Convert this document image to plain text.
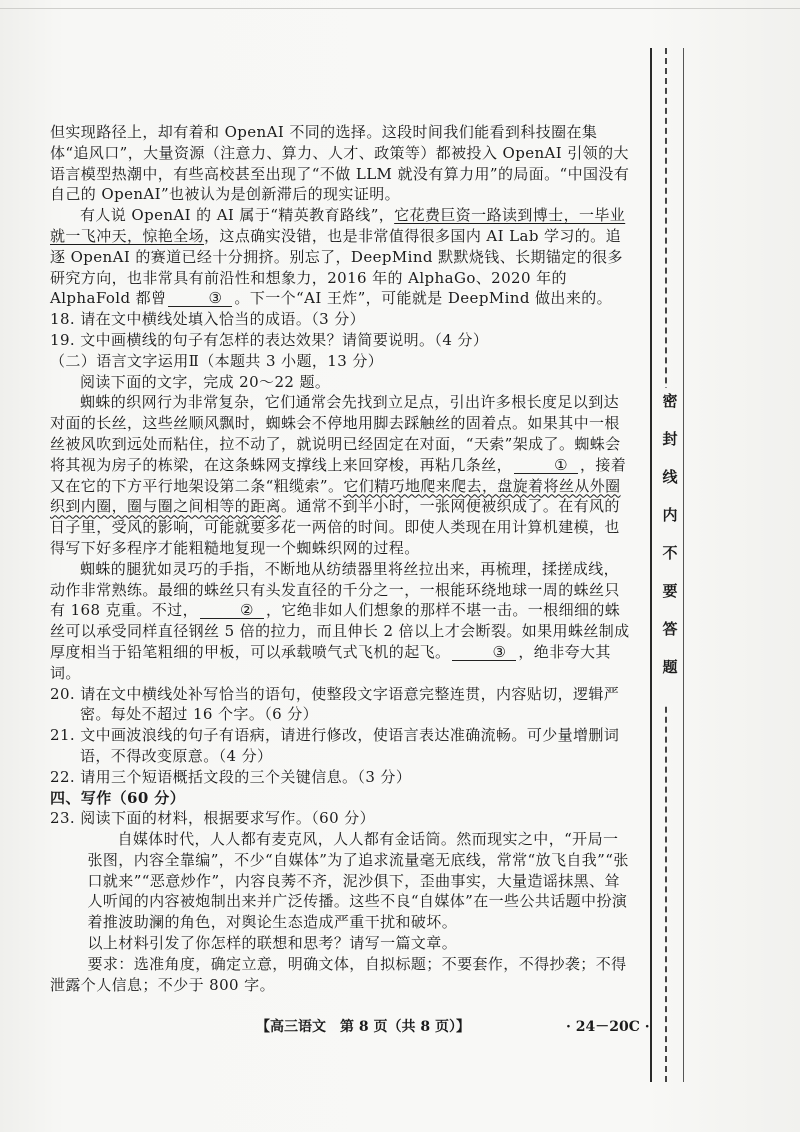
密
封
线
内
不
要
答
题

但实现路径上，却有着和 OpenAI 不同的选择。这段时间我们能看到科技圈在集体“追风口”，大量资源（注意力、算力、人才、政策等）都被投入 OpenAI 引领的大语言模型热潮中，有些高校甚至出现了“不做 LLM 就没有算力用”的局面。“中国没有自己的 OpenAI”也被认为是创新滞后的现实证明。

有人说 OpenAI 的 AI 属于“精英教育路线”，它花费巨资一路读到博士，一毕业就一飞冲天，惊艳全场，这点确实没错，也是非常值得很多国内 AI Lab 学习的。追逐 OpenAI 的赛道已经十分拥挤。别忘了，DeepMind 默默烧钱、长期锚定的很多研究方向，也非常具有前沿性和想象力，2016 年的 AlphaGo、2020 年的 AlphaFold 都曾	③ 。下一个“AI 王炸”，可能就是 DeepMind 做出来的。

18. 请在文中横线处填入恰当的成语。（3 分）

19. 文中画横线的句子有怎样的表达效果？请简要说明。（4 分）

（二）语言文字运用Ⅱ（本题共 3 小题，13 分）

阅读下面的文字，完成 20～22 题。

蜘蛛的织网行为非常复杂，它们通常会先找到立足点，引出许多根长度足以到达对面的长丝，这些丝顺风飘时，蜘蛛会不停地用脚去踩触丝的固着点。如果其中一根丝被风吹到远处而粘住，拉不动了，就说明已经固定在对面，“天索”架成了。蜘蛛会将其视为房子的栋梁，在这条蛛网支撑线上来回穿梭，再粘几条丝，	① ，接着又在它的下方平行地架设第二条“粗缆索”。它们精巧地爬来爬去，盘旋着将丝从外圈织到内圈，圈与圈之间相等的距离。通常不到半小时，一张网便被织成了。在有风的日子里，受风的影响，可能就要多花一两倍的时间。即使人类现在用计算机建模，也得写下好多程序才能粗糙地复现一个蜘蛛织网的过程。

蜘蛛的腿犹如灵巧的手指，不断地从纺绩器里将丝拉出来，再梳理，揉搓成线，动作非常熟练。最细的蛛丝只有头发直径的千分之一，一根能环绕地球一周的蛛丝只有 168 克重。不过，	② ，它绝非如人们想象的那样不堪一击。一根细细的蛛丝可以承受同样直径钢丝 5 倍的拉力，而且伸长 2 倍以上才会断裂。如果用蛛丝制成厚度相当于铅笔粗细的甲板，可以承载喷气式飞机的起飞。	③ ，绝非夸大其词。

20. 请在文中横线处补写恰当的语句，使整段文字语意完整连贯，内容贴切，逻辑严密。每处不超过 16 个字。（6 分）

21. 文中画波浪线的句子有语病，请进行修改，使语言表达准确流畅。可少量增删词语，不得改变原意。（4 分）

22. 请用三个短语概括文段的三个关键信息。（3 分）

四、写作（60 分）

23. 阅读下面的材料，根据要求写作。（60 分）

自媒体时代，人人都有麦克风，人人都有金话筒。然而现实之中，“开局一张图，内容全靠编”，不少“自媒体”为了追求流量毫无底线，常常“放飞自我”“张口就来”“恶意炒作”，内容良莠不齐，泥沙俱下，歪曲事实，大量造谣抹黑、耸人听闻的内容被炮制出来并广泛传播。这些不良“自媒体”在一些公共话题中扮演着推波助澜的角色，对舆论生态造成严重干扰和破坏。

以上材料引发了你怎样的联想和思考？请写一篇文章。

要求：选准角度，确定立意，明确文体，自拟标题；不要套作，不得抄袭；不得泄露个人信息；不少于 800 字。

【高三语文　第 8 页（共 8 页）】	· 24－20C ·
